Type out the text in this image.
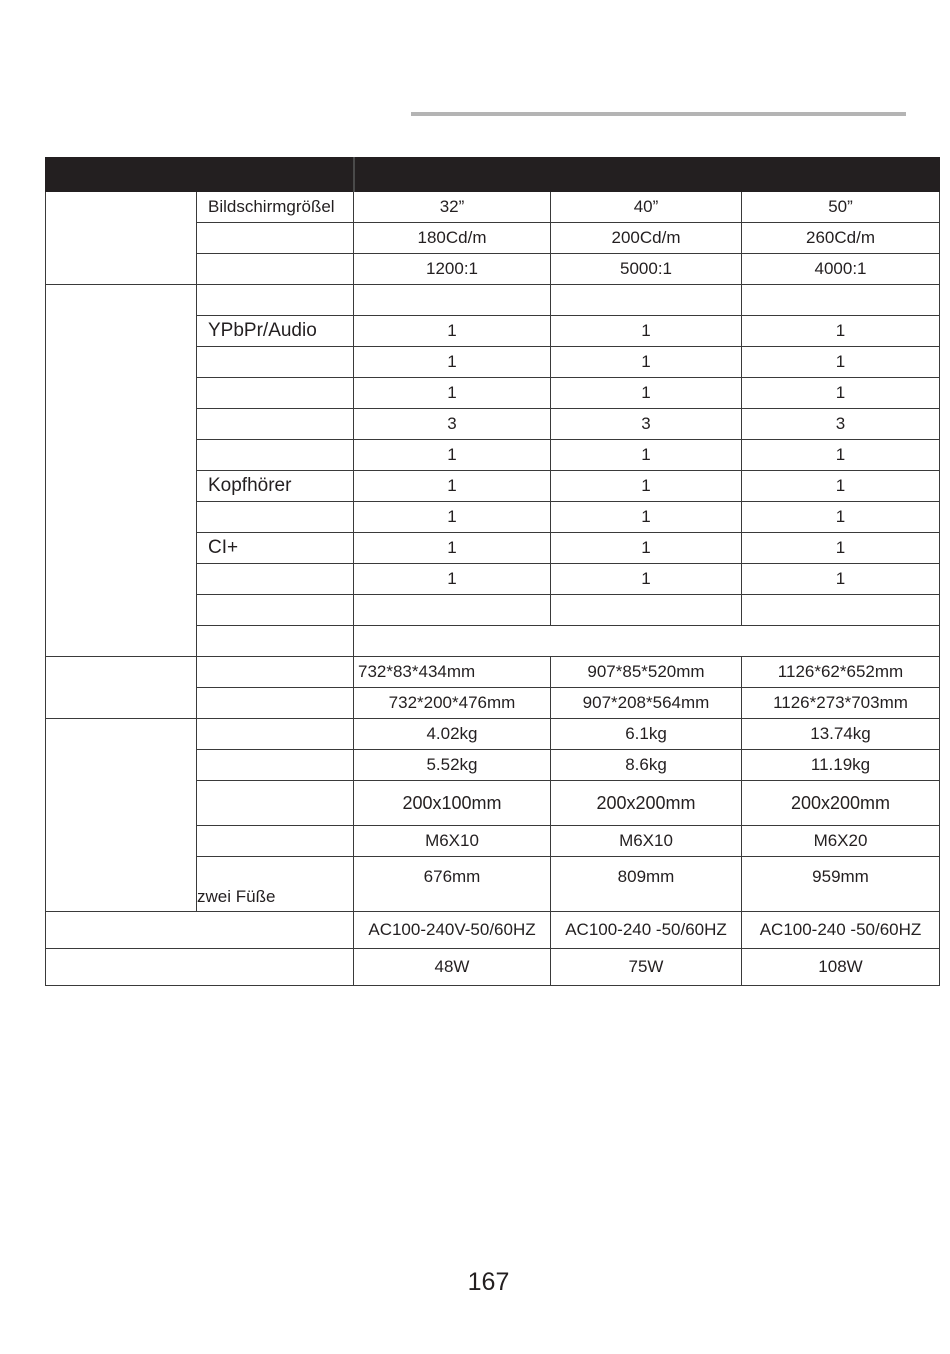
	Bildschirmgrößel	32”	40”	50”
		180Cd/m	200Cd/m	260Cd/m
		1200:1	5000:1	4000:1

	YPbPr/Audio	1	1	1
		1	1	1
		1	1	1
		3	3	3
		1	1	1
	Kopfhörer	1	1	1
		1	1	1
	CI+	1	1	1
		1	1	1

		732*83*434mm	907*85*520mm	1126*62*652mm
		732*200*476mm	907*208*564mm	1126*273*703mm
		4.02kg	6.1kg	13.74kg
		5.52kg	8.6kg	11.19kg
		200x100mm	200x200mm	200x200mm
		M6X10	M6X10	M6X20
	zwei Füße	676mm	809mm	959mm
		AC100-240V-50/60HZ	AC100-240 -50/60HZ	AC100-240 -50/60HZ
		48W	75W	108W
167
